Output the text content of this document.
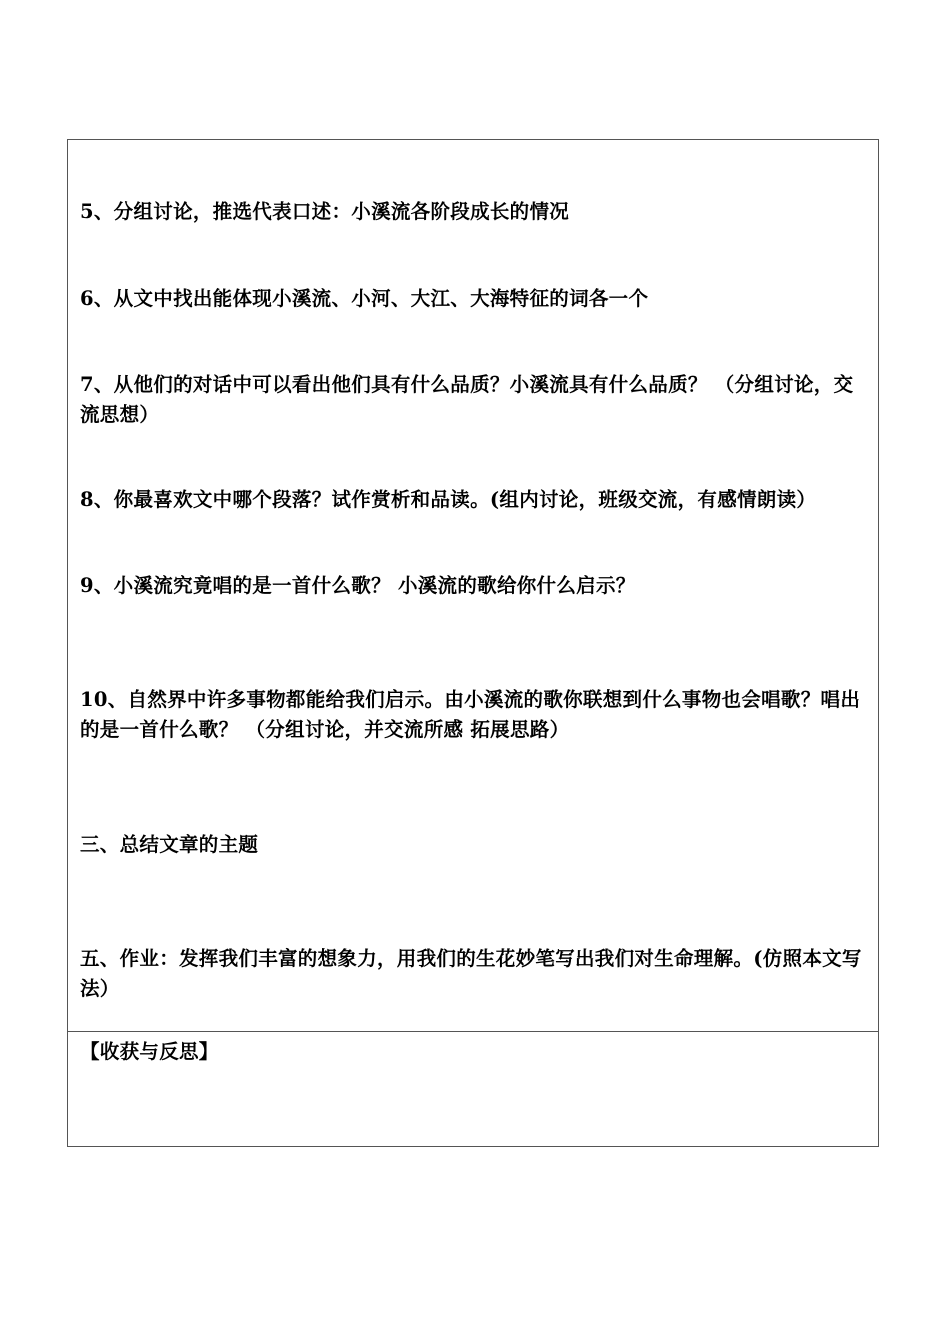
5、分组讨论，推选代表口述：小溪流各阶段成长的情况
6、从文中找出能体现小溪流、小河、大江、大海特征的词各一个
7、从他们的对话中可以看出他们具有什么品质？小溪流具有什么品质？ （分组讨论，交流思想）
8、你最喜欢文中哪个段落？试作赏析和品读。(组内讨论，班级交流，有感情朗读）
9、小溪流究竟唱的是一首什么歌？ 小溪流的歌给你什么启示？
10、自然界中许多事物都能给我们启示。由小溪流的歌你联想到什么事物也会唱歌？唱出的是一首什么歌？ （分组讨论，并交流所感 拓展思路）
三、总结文章的主题
五、作业：发挥我们丰富的想象力，用我们的生花妙笔写出我们对生命理解。(仿照本文写法）
【收获与反思】
